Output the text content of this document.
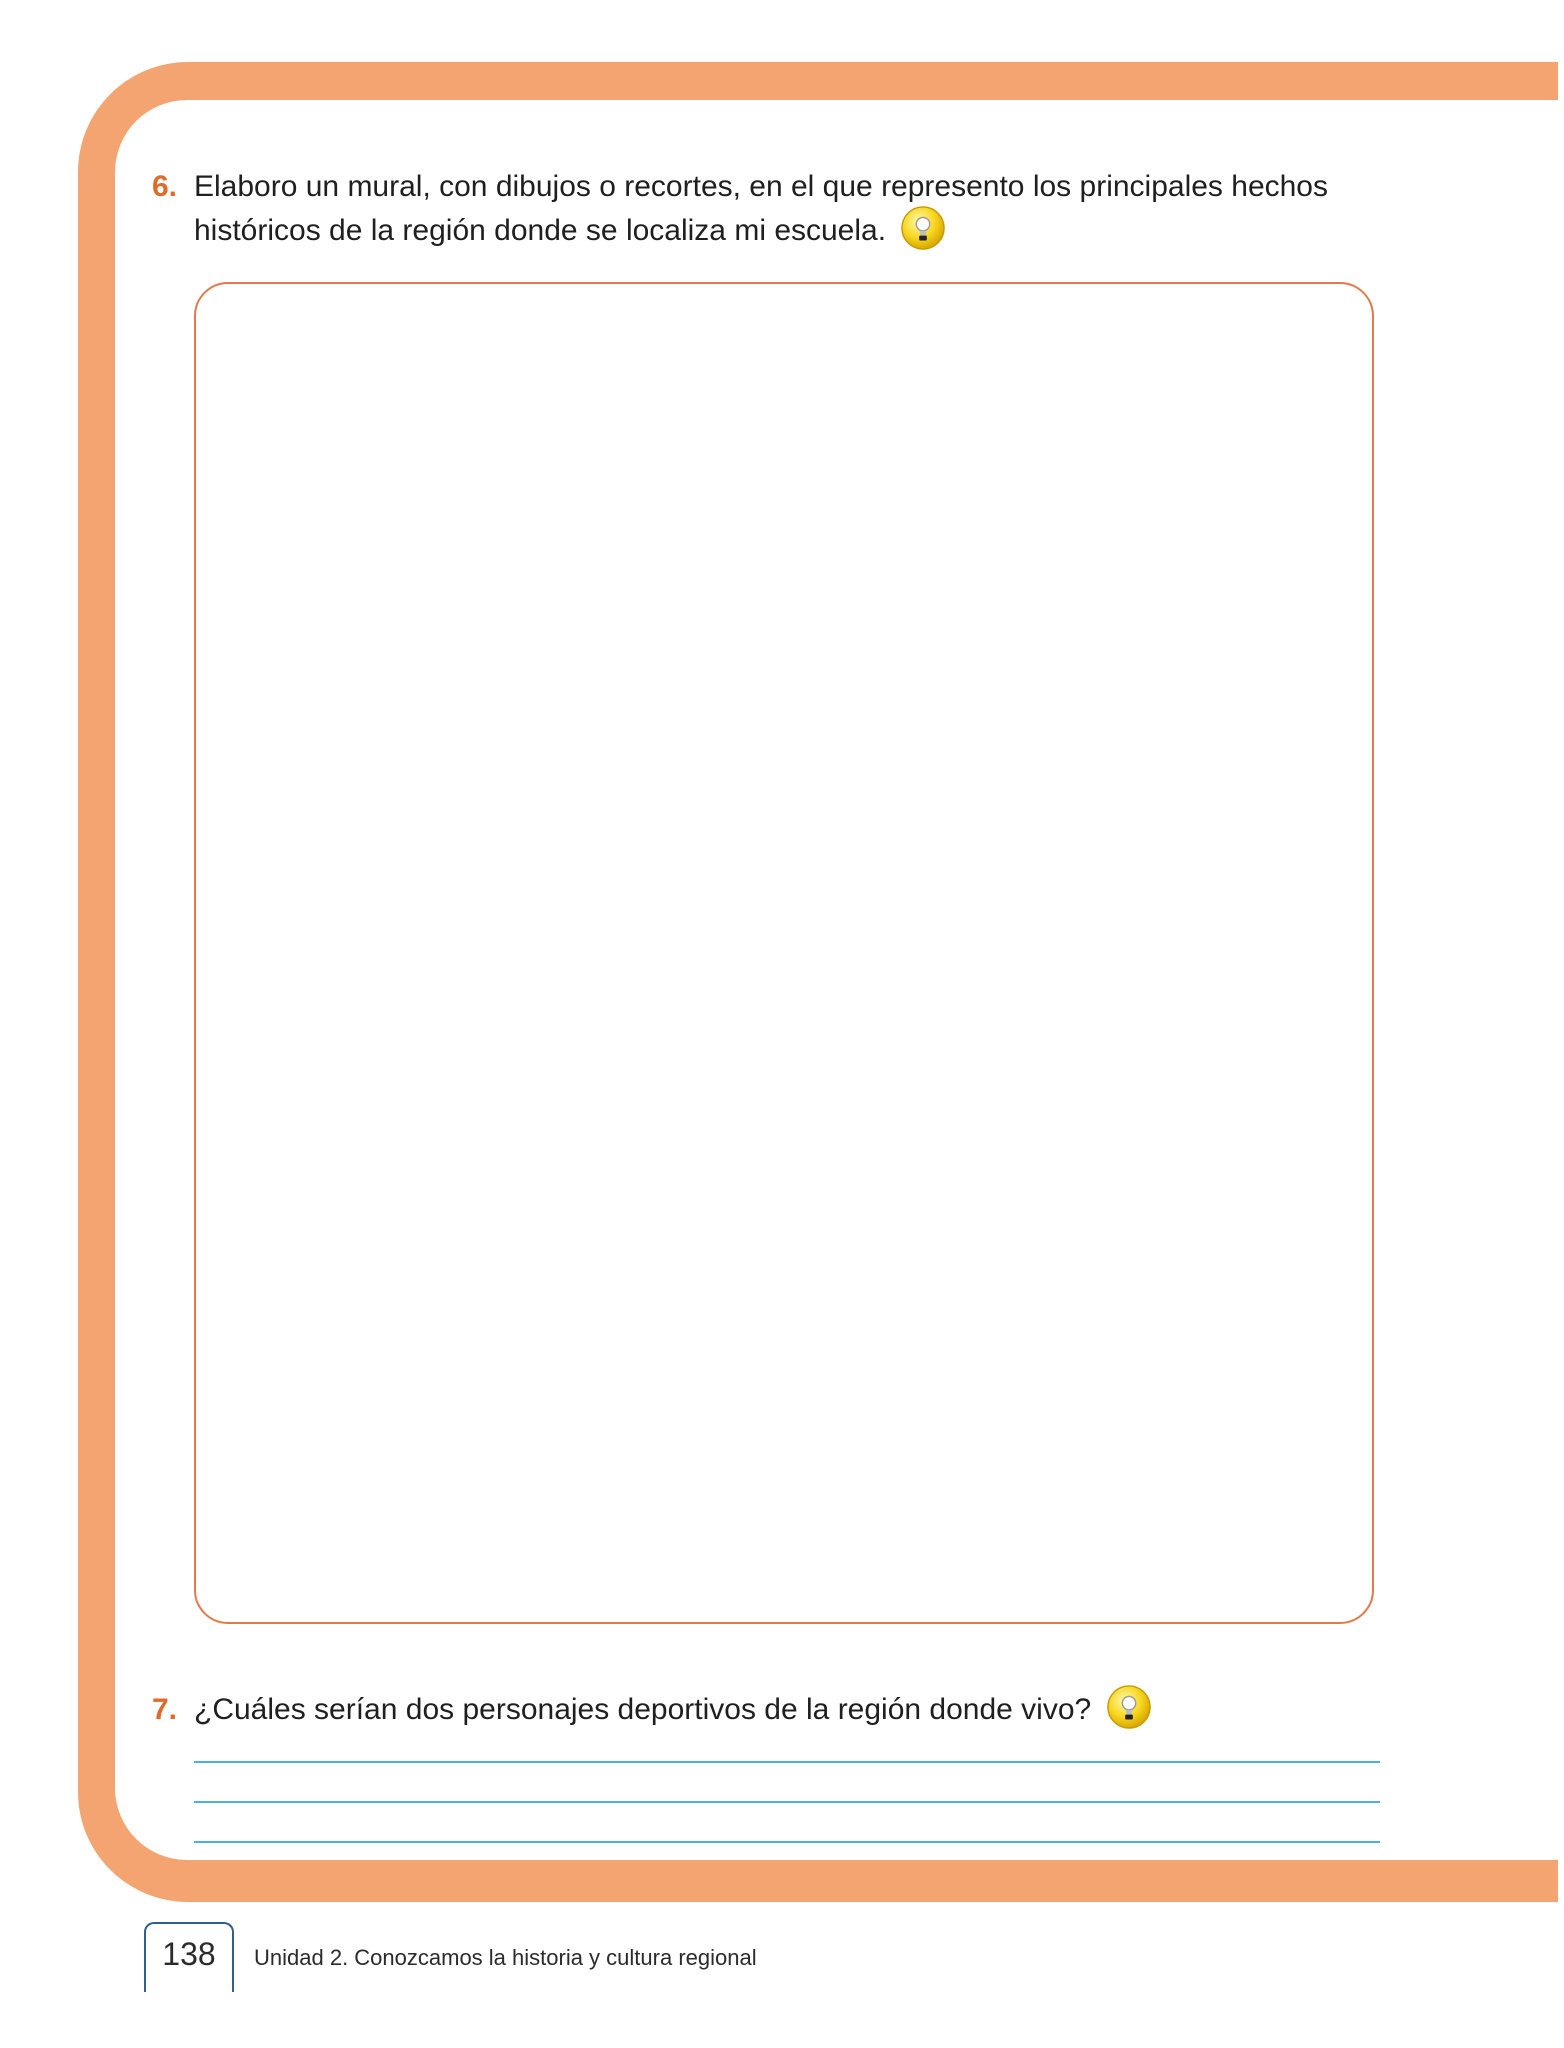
6. Elaboro un mural, con dibujos o recortes, en el que represento los principales hechos históricos de la región donde se localiza mi escuela.
7. ¿Cuáles serían dos personajes deportivos de la región donde vivo?
138	Unidad 2. Conozcamos la historia y cultura regional
